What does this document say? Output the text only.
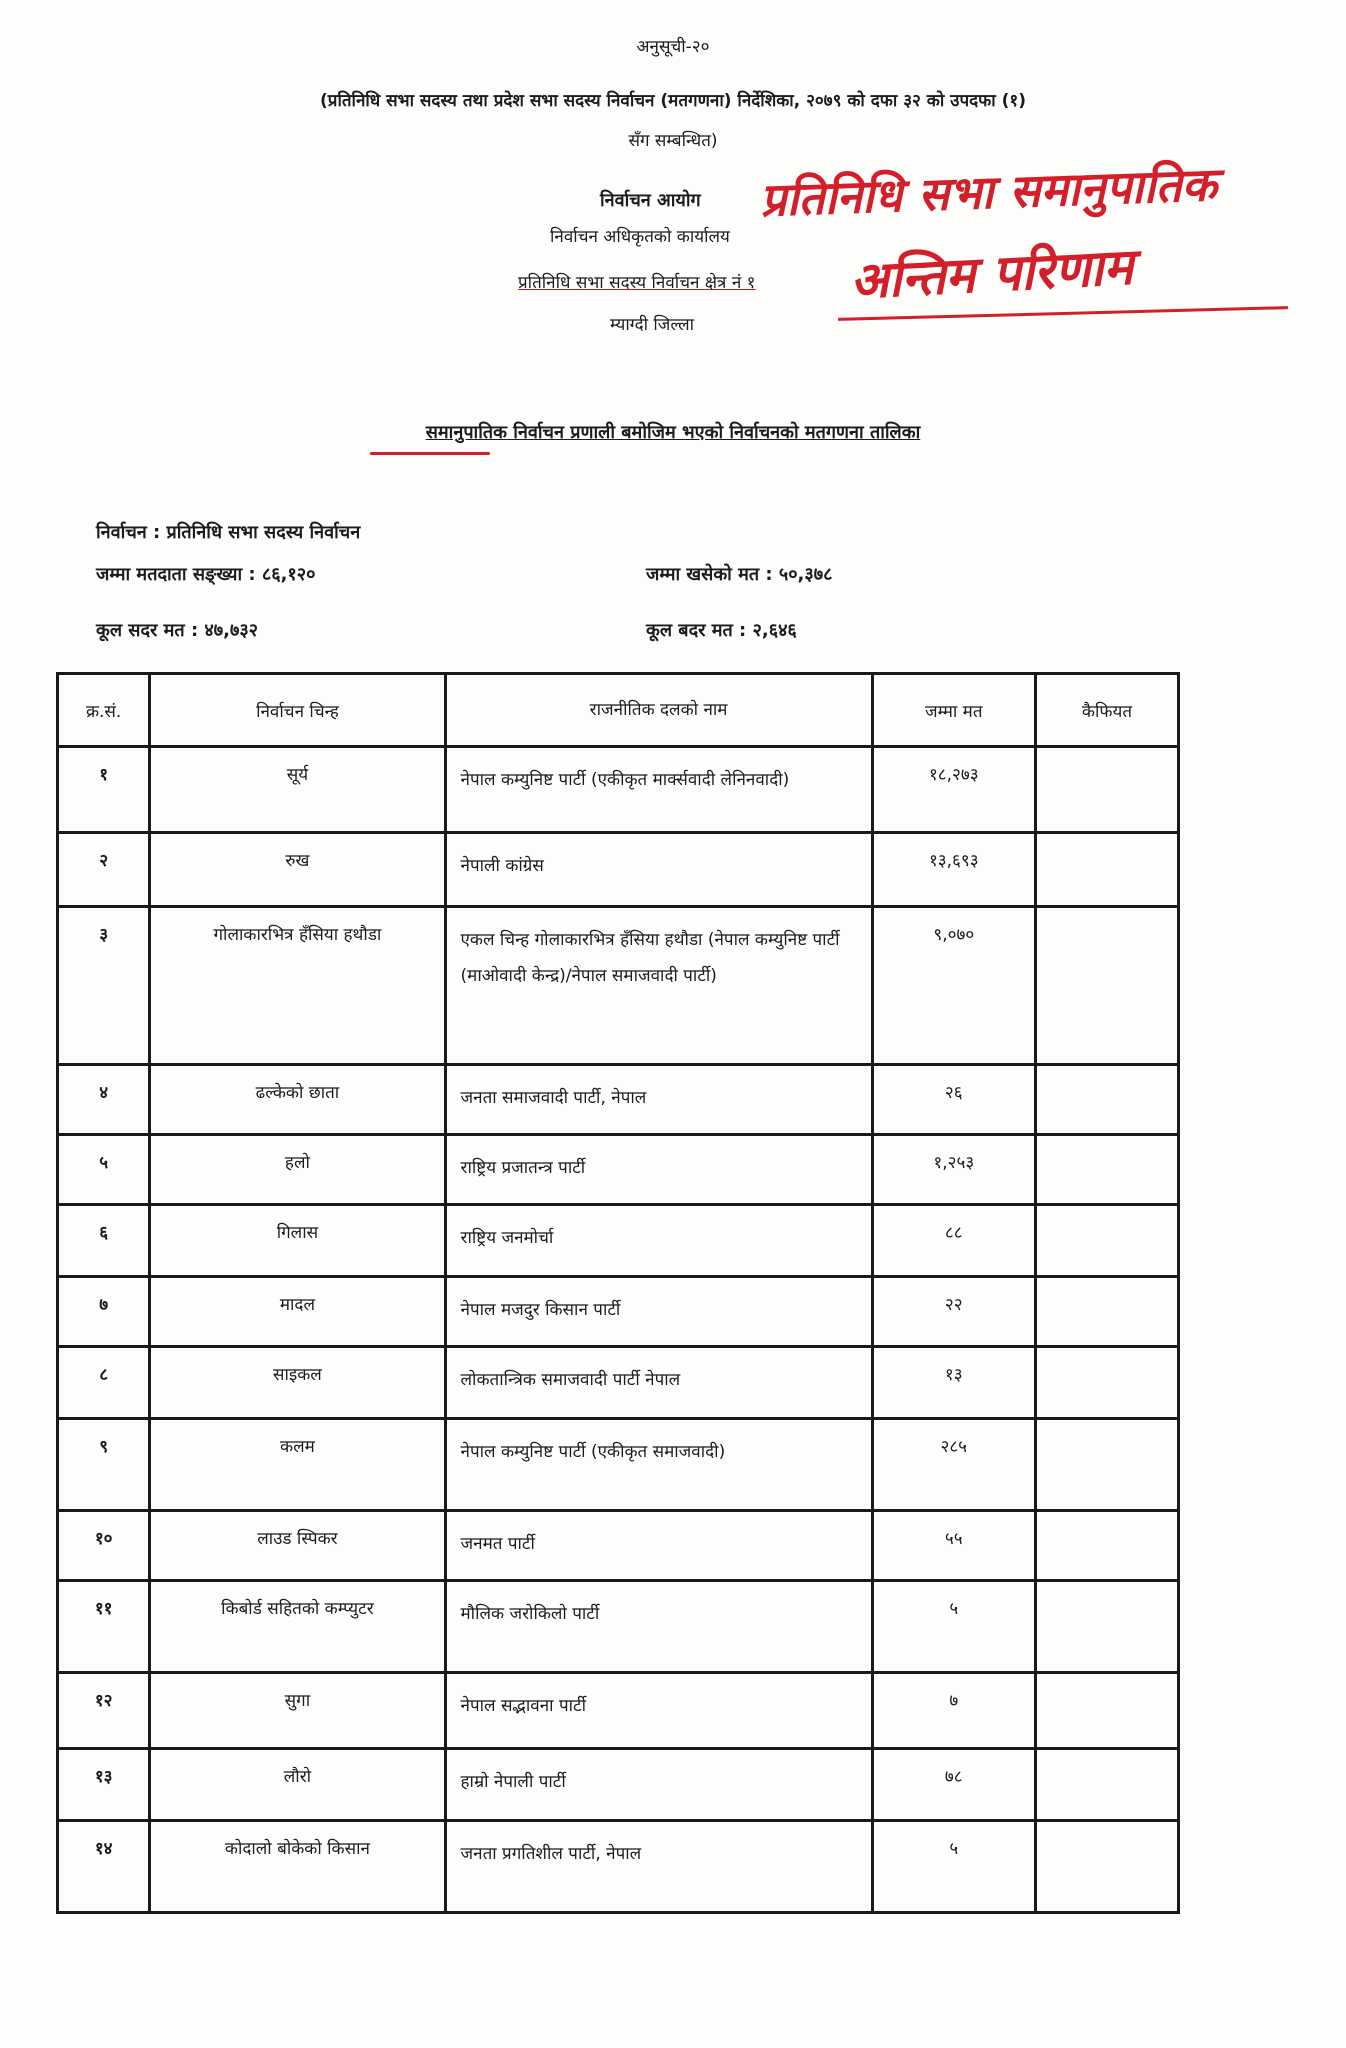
अनुसूची-२०
(प्रतिनिधि सभा सदस्य तथा प्रदेश सभा सदस्य निर्वाचन (मतगणना) निर्देशिका, २०७९ को दफा ३२ को उपदफा (१)
सँग सम्बन्धित)
निर्वाचन आयोग
निर्वाचन अधिकृतको कार्यालय
प्रतिनिधि सभा सदस्य निर्वाचन क्षेत्र नं १
म्याग्दी जिल्ला
प्रतिनिधि सभा समानुपातिक
अन्तिम परिणाम
समानुपातिक निर्वाचन प्रणाली बमोजिम भएको निर्वाचनको मतगणना तालिका
निर्वाचन : प्रतिनिधि सभा सदस्य निर्वाचन
जम्मा मतदाता सङ्ख्या : ८६,१२०	जम्मा खसेको मत : ५०,३७८
कूल सदर मत : ४७,७३२	कूल बदर मत : २,६४६
क्र.सं.	निर्वाचन चिन्ह	राजनीतिक दलको नाम	जम्मा मत	कैफियत
१	सूर्य	नेपाल कम्युनिष्ट पार्टी (एकीकृत मार्क्सवादी लेनिनवादी)	१८,२७३	
२	रुख	नेपाली कांग्रेस	१३,६९३	
३	गोलाकारभित्र हँसिया हथौडा	एकल चिन्ह गोलाकारभित्र हँसिया हथौडा (नेपाल कम्युनिष्ट पार्टी (माओवादी केन्द्र)/नेपाल समाजवादी पार्टी)	९,०७०	
४	ढल्केको छाता	जनता समाजवादी पार्टी, नेपाल	२६	
५	हलो	राष्ट्रिय प्रजातन्त्र पार्टी	१,२५३	
६	गिलास	राष्ट्रिय जनमोर्चा	८८	
७	मादल	नेपाल मजदुर किसान पार्टी	२२	
८	साइकल	लोकतान्त्रिक समाजवादी पार्टी नेपाल	१३	
९	कलम	नेपाल कम्युनिष्ट पार्टी (एकीकृत समाजवादी)	२८५	
१०	लाउड स्पिकर	जनमत पार्टी	५५	
११	किबोर्ड सहितको कम्प्युटर	मौलिक जरोकिलो पार्टी	५	
१२	सुगा	नेपाल सद्भावना पार्टी	७	
१३	लौरो	हाम्रो नेपाली पार्टी	७८	
१४	कोदालो बोकेको किसान	जनता प्रगतिशील पार्टी, नेपाल	५	
